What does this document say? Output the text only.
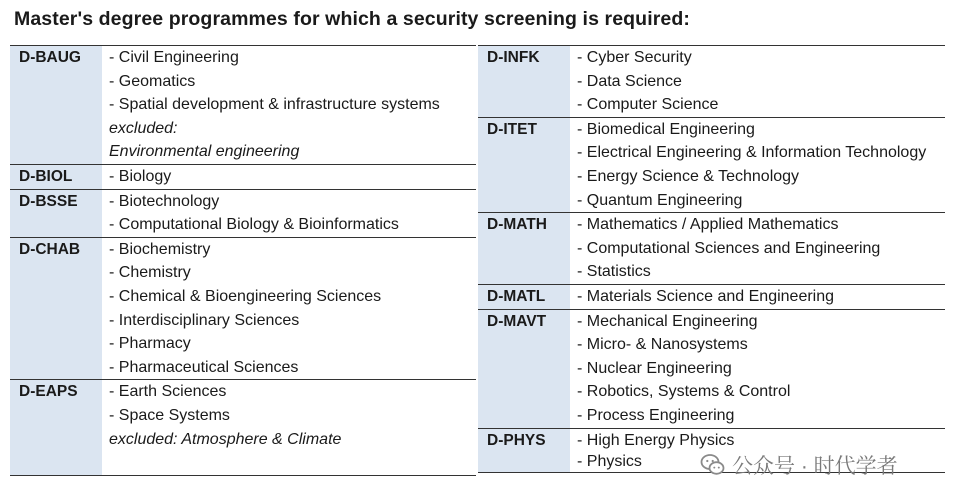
Master's degree programmes for which a security screening is required:
D-BAUG	- Civil Engineering
- Geomatics
- Spatial development & infrastructure systems
excluded:
Environmental engineering
D-BIOL	- Biology
D-BSSE	- Biotechnology
- Computational Biology & Bioinformatics
D-CHAB	- Biochemistry
- Chemistry
- Chemical & Bioengineering Sciences
- Interdisciplinary Sciences
- Pharmacy
- Pharmaceutical Sciences
D-EAPS	- Earth Sciences
- Space Systems
excluded: Atmosphere & Climate
D-INFK	- Cyber Security
- Data Science
- Computer Science
D-ITET	- Biomedical Engineering
- Electrical Engineering & Information Technology
- Energy Science & Technology
- Quantum Engineering
D-MATH	- Mathematics / Applied Mathematics
- Computational Sciences and Engineering
- Statistics
D-MATL	- Materials Science and Engineering
D-MAVT	- Mechanical Engineering
- Micro- & Nanosystems
- Nuclear Engineering
- Robotics, Systems & Control
- Process Engineering
D-PHYS	- High Energy Physics
- Physics	公众号 · 时代学者
